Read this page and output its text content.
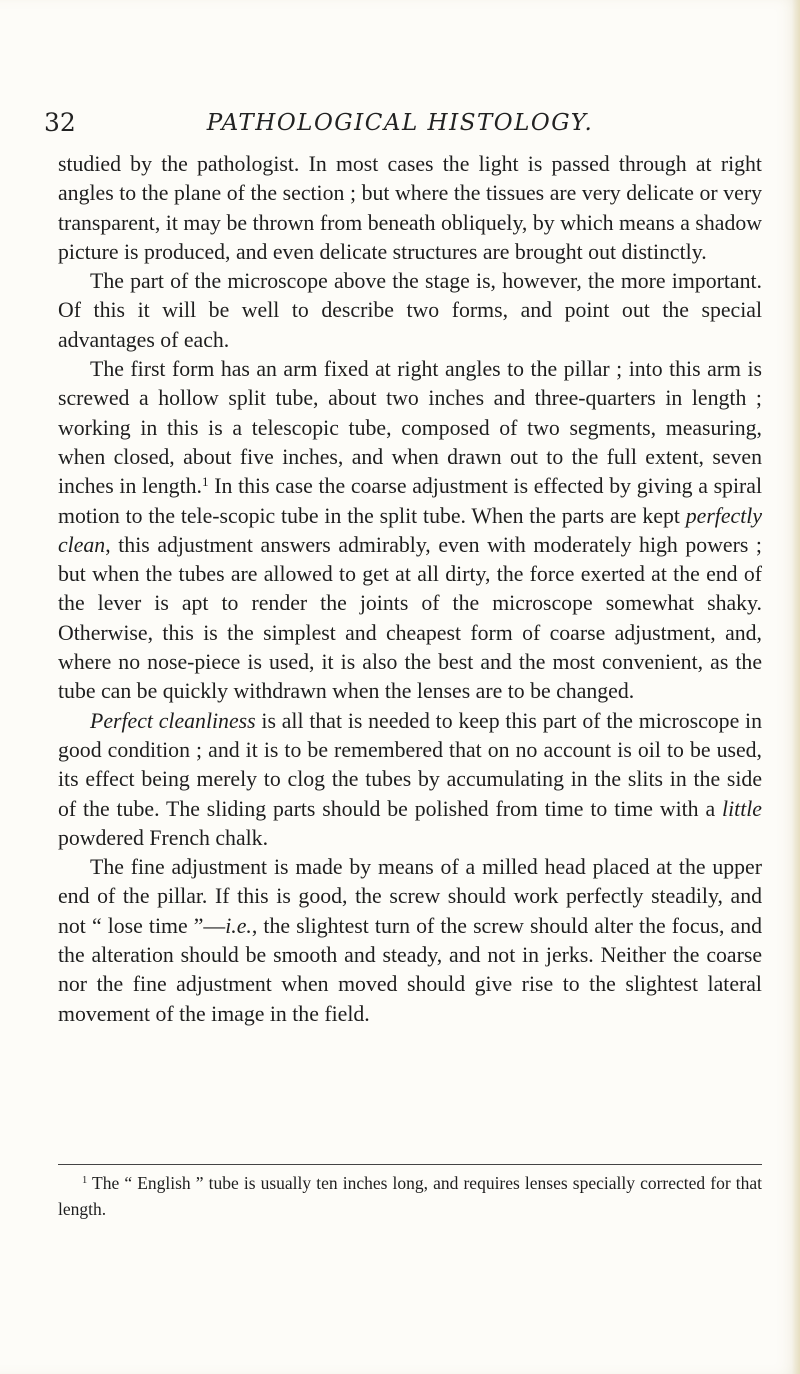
32	PATHOLOGICAL HISTOLOGY.

studied by the pathologist. In most cases the light is passed through at right angles to the plane of the section ; but where the tissues are very delicate or very transparent, it may be thrown from beneath obliquely, by which means a shadow picture is produced, and even delicate structures are brought out distinctly.

The part of the microscope above the stage is, however, the more important. Of this it will be well to describe two forms, and point out the special advantages of each.

The first form has an arm fixed at right angles to the pillar ; into this arm is screwed a hollow split tube, about two inches and three-quarters in length ; working in this is a telescopic tube, composed of two segments, measuring, when closed, about five inches, and when drawn out to the full extent, seven inches in length.$^1$ In this case the coarse adjustment is effected by giving a spiral motion to the tele-scopic tube in the split tube. When the parts are kept perfectly clean, this adjustment answers admirably, even with moderately high powers ; but when the tubes are allowed to get at all dirty, the force exerted at the end of the lever is apt to render the joints of the microscope somewhat shaky. Otherwise, this is the simplest and cheapest form of coarse adjustment, and, where no nose-piece is used, it is also the best and the most convenient, as the tube can be quickly withdrawn when the lenses are to be changed.

Perfect cleanliness is all that is needed to keep this part of the microscope in good condition ; and it is to be remembered that on no account is oil to be used, its effect being merely to clog the tubes by accumulating in the slits in the side of the tube. The sliding parts should be polished from time to time with a little powdered French chalk.

The fine adjustment is made by means of a milled head placed at the upper end of the pillar. If this is good, the screw should work perfectly steadily, and not “ lose time ”—i.e., the slightest turn of the screw should alter the focus, and the alteration should be smooth and steady, and not in jerks. Neither the coarse nor the fine adjustment when moved should give rise to the slightest lateral movement of the image in the field.

$^1$ The “ English ” tube is usually ten inches long, and requires lenses specially corrected for that length.
